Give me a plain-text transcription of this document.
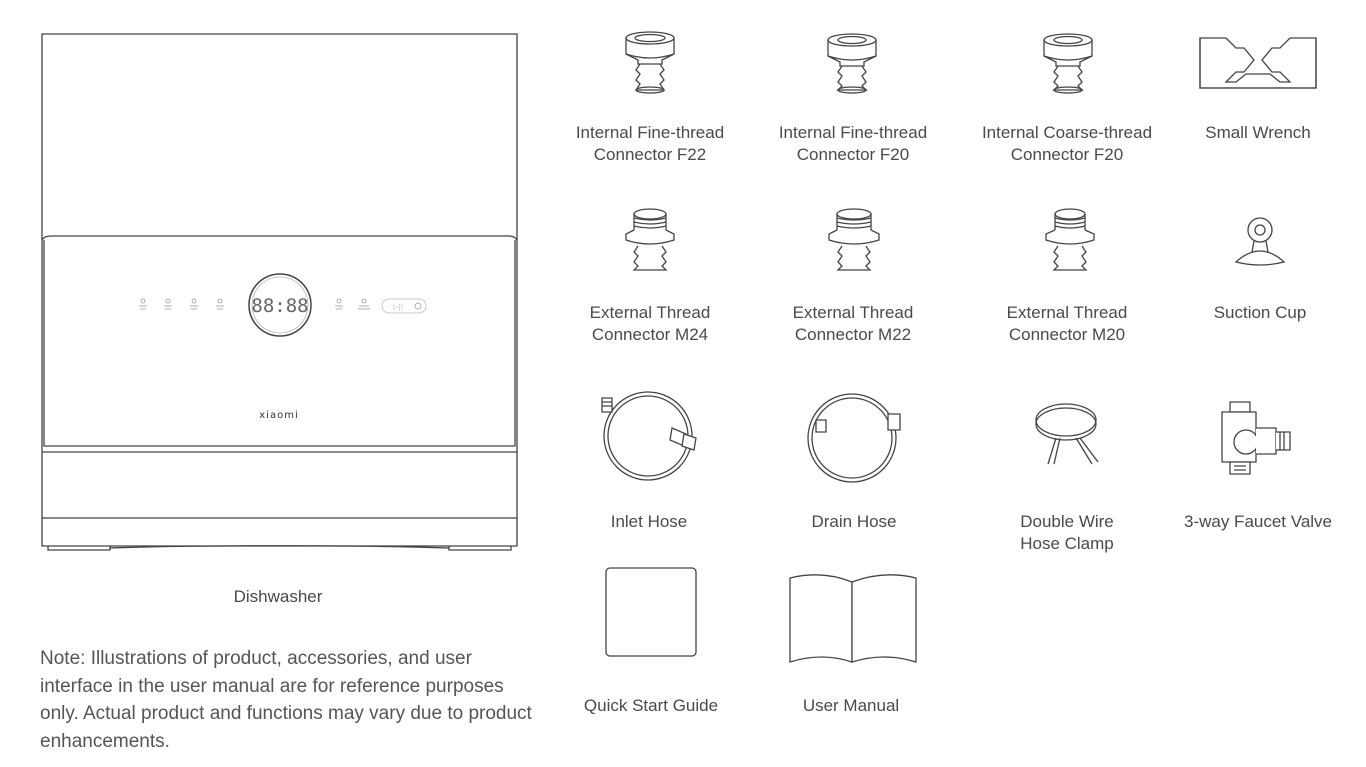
▷||
88:88
xiaomi
Dishwasher
Internal Fine-thread
Connector F22
Internal Fine-thread
Connector F20
Internal Coarse-thread
Connector F20
Small Wrench
External Thread
Connector M24
External Thread
Connector M22
External Thread
Connector M20
Suction Cup
Inlet Hose	Drain Hose	Double Wire
Hose Clamp
3-way Faucet Valve
Quick Start Guide	User Manual
Note: Illustrations of product, accessories, and user interface in the user manual are for reference purposes only. Actual product and functions may vary due to product enhancements.
